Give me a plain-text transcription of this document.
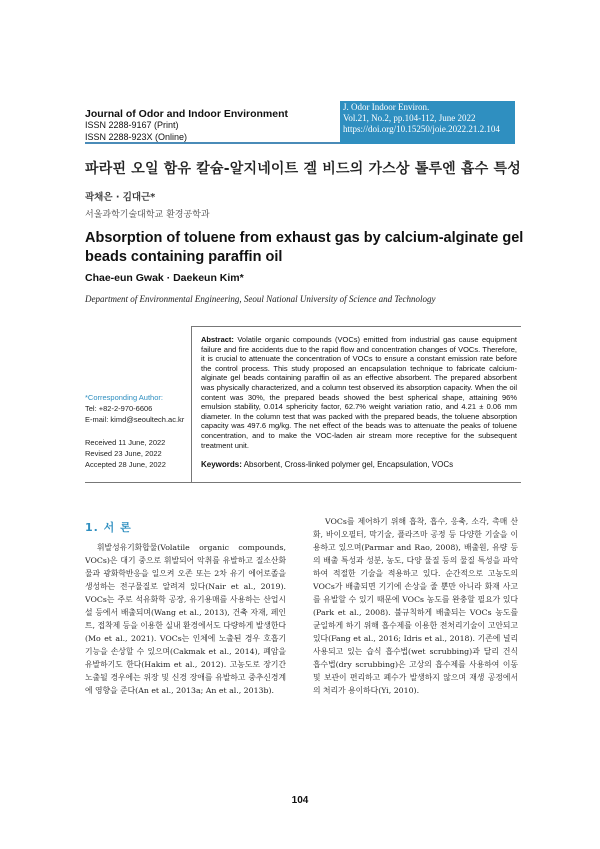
Journal of Odor and Indoor Environment
ISSN 2288-9167 (Print)
ISSN 2288-923X (Online)
J. Odor Indoor Environ.
Vol.21, No.2, pp.104-112, June 2022
https://doi.org/10.15250/joie.2022.21.2.104
파라핀 오일 함유 칼슘-알지네이트 겔 비드의 가스상 톨루엔 흡수 특성
곽채은 · 김대근*
서울과학기술대학교 환경공학과
Absorption of toluene from exhaust gas by calcium-alginate gel beads containing paraffin oil
Chae-eun Gwak · Daekeun Kim*
Department of Environmental Engineering, Seoul National University of Science and Technology
*Corresponding Author:
Tel: +82-2-970-6606
E-mail: kimd@seoultech.ac.kr
Received 11 June, 2022
Revised 23 June, 2022
Accepted 28 June, 2022
Abstract: Volatile organic compounds (VOCs) emitted from industrial gas cause equipment failure and fire accidents due to the rapid flow and concentration changes of VOCs. Therefore, it is crucial to attenuate the concentration of VOCs to ensure a constant emission rate before the control process. This study proposed an encapsulation technique to fabricate calcium-alginate gel beads containing paraffin oil as an effective absorbent. The prepared absorbent was physically characterized, and a column test observed its absorption capacity. When the oil content was 30%, the prepared beads showed the best spherical shape, attaining 96% emulsion stability, 0.014 sphericity factor, 62.7% weight variation ratio, and 4.21 ± 0.06 mm diameter. In the column test that was packed with the prepared beads, the toluene absorption capacity was 497.6 mg/kg. The net effect of the beads was to attenuate the peaks of toluene concentration, and to make the VOC-laden air stream more receptive for the subsequent treatment unit.
Keywords: Absorbent, Cross-linked polymer gel, Encapsulation, VOCs
1. 서 론
휘발성유기화합물(Volatile organic compounds, VOCs)은 대기 중으로 휘발되어 악취를 유발하고 질소산화물과 광화학반응을 일으켜 오존 또는 2차 유기 에어로졸을 생성하는 전구물질로 알려져 있다(Nair et al., 2019). VOCs는 주로 석유화학 공장, 유기용매를 사용하는 산업시설 등에서 배출되며(Wang et al., 2013), 건축 자재, 페인트, 접착제 등을 이용한 실내 환경에서도 다량하게 발생한다(Mo et al., 2021). VOCs는 인체에 노출된 경우 호흡기 기능을 손상할 수 있으며(Cakmak et al., 2014), 폐암을 유발하기도 한다(Hakim et al., 2012). 고농도로 장기간 노출될 경우에는 위장 및 신경 장애를 유발하고 중추신경계에 영향을 준다(An et al., 2013a; An et al., 2013b).
VOCs를 제어하기 위해 흡착, 흡수, 응축, 소각, 촉매 산화, 바이오필터, 막기술, 플라즈마 공정 등 다양한 기술을 이용하고 있으며(Parmar and Rao, 2008), 배출원, 유량 등의 배출 특성과 성분, 농도, 다양 물질 등의 물질 특성을 파악하여 적절한 기술을 적용하고 있다. 순간적으로 고농도의 VOCs가 배출되면 기기에 손상을 줄 뿐만 아니라 화재 사고를 유발할 수 있기 때문에 VOCs 농도를 완충할 필요가 있다(Park et al., 2008). 불규칙하게 배출되는 VOCs 농도를 균일하게 하기 위해 흡수제를 이용한 전처리기술이 고안되고 있다(Fang et al., 2016; Idris et al., 2018). 기존에 널리 사용되고 있는 습식 흡수법(wet scrubbing)과 달리 건식 흡수법(dry scrubbing)은 고상의 흡수제를 사용하여 이동 및 보관이 편리하고 폐수가 발생하지 않으며 재생 공정에서의 처리가 용이하다(Yi, 2010).
104
